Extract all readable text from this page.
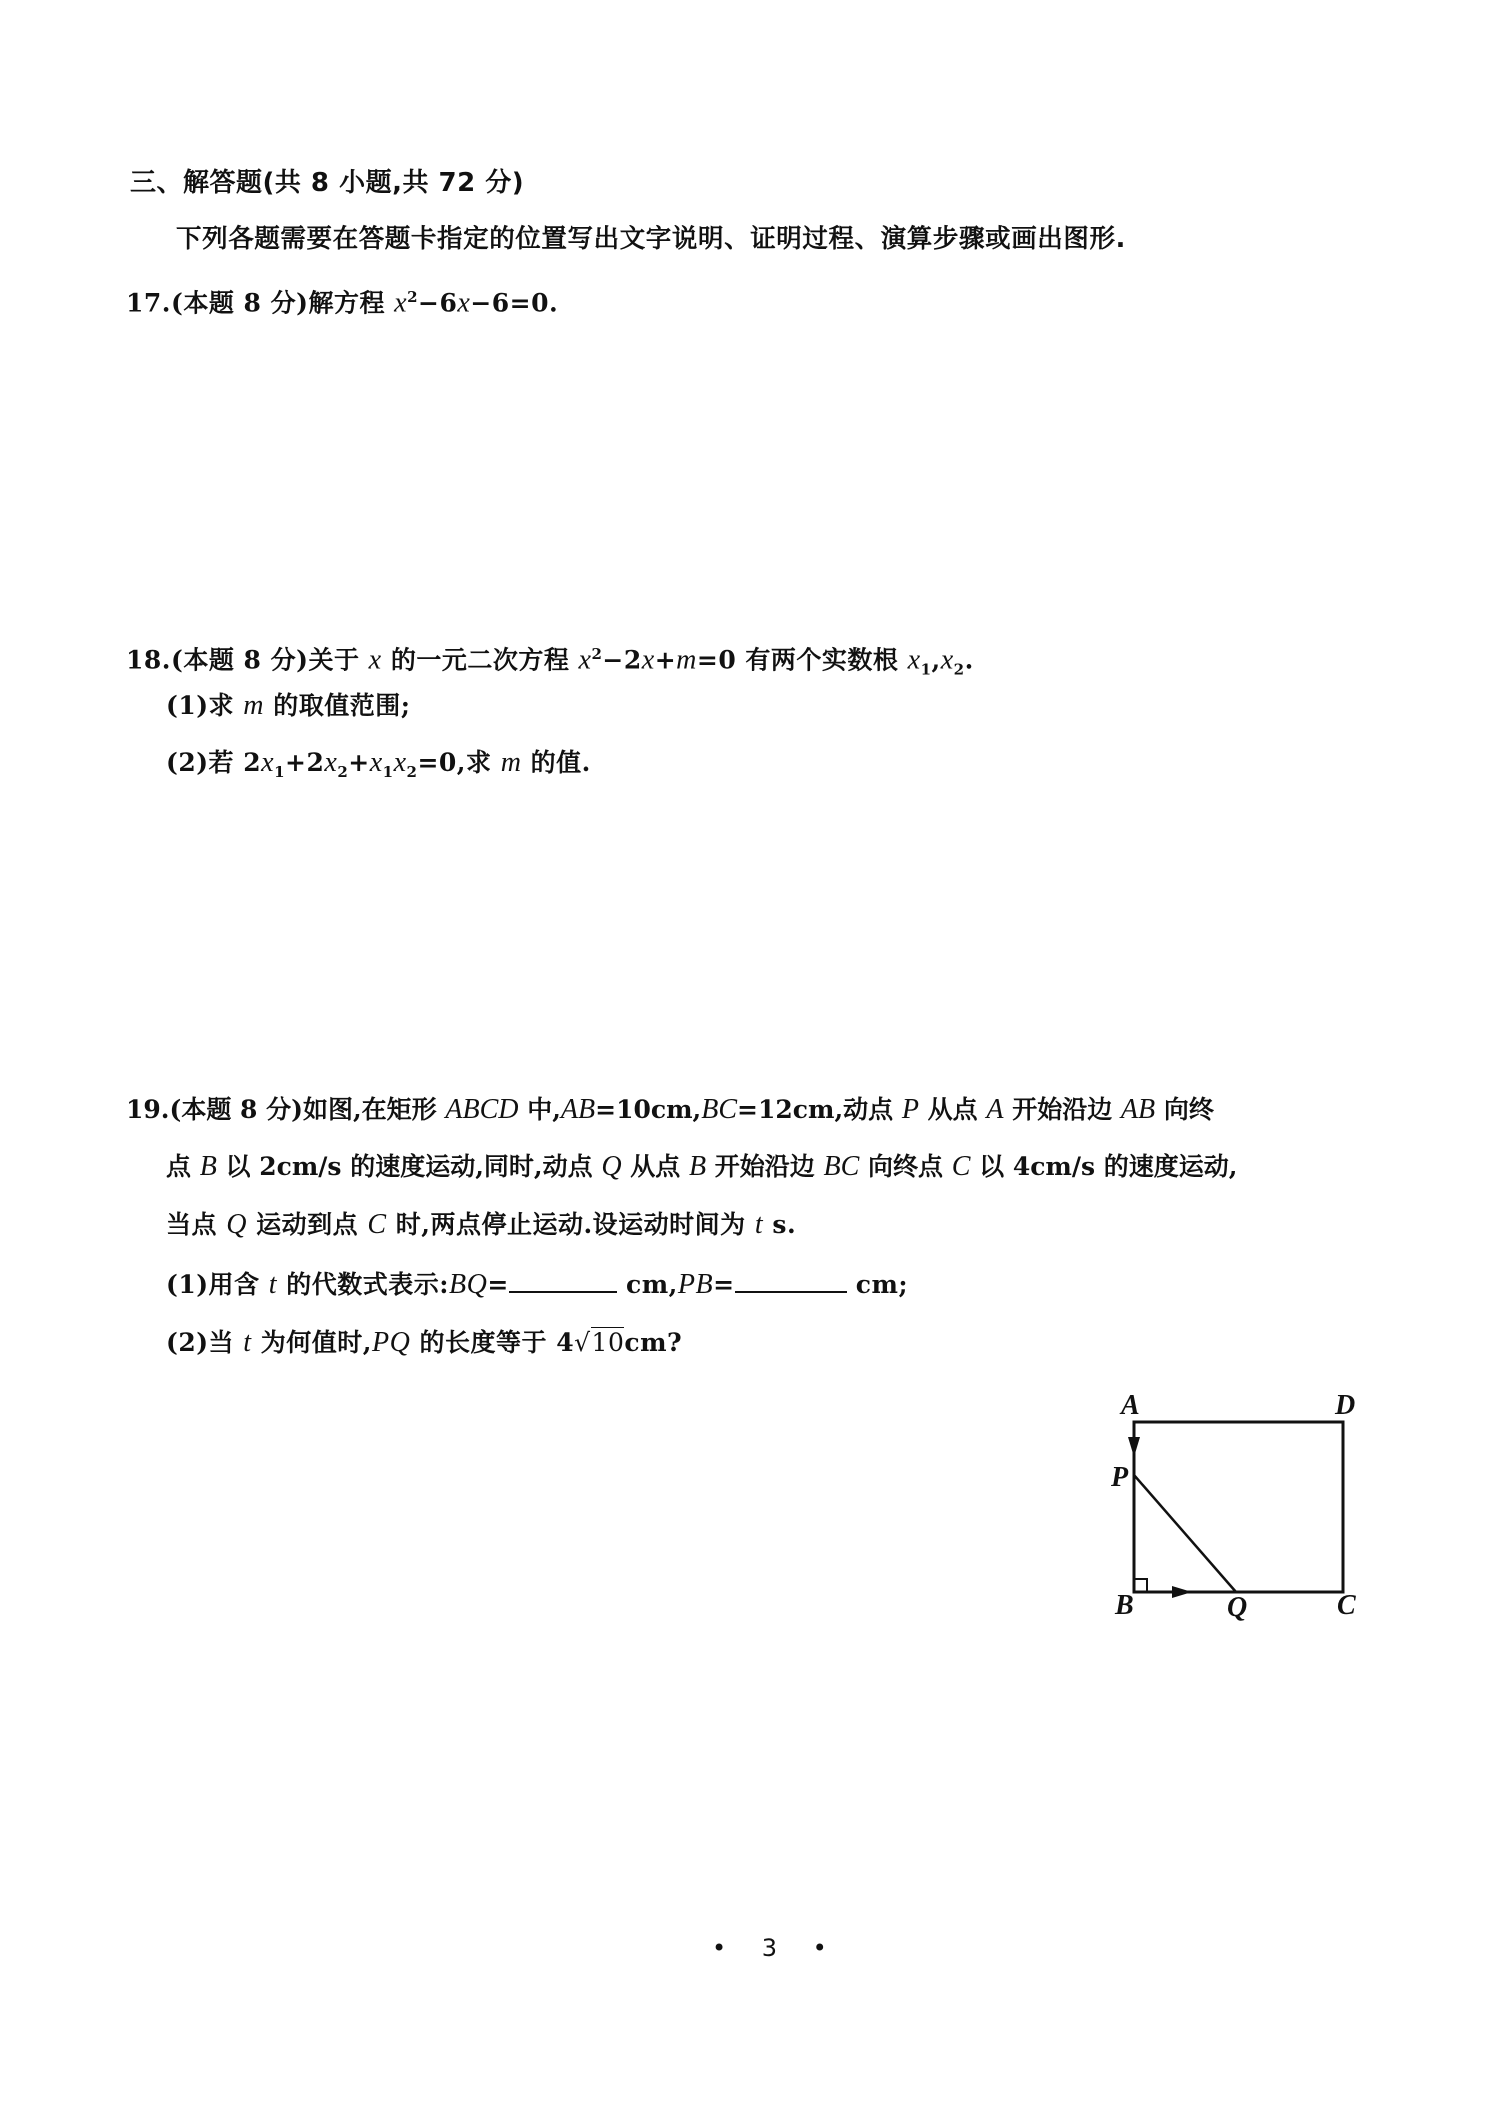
三、解答题(共 8 小题,共 72 分)
下列各题需要在答题卡指定的位置写出文字说明、证明过程、演算步骤或画出图形.
17.(本题 8 分)解方程 $x^2-6x-6=0$.
18.(本题 8 分)关于 x 的一元二次方程 $x^2-2x+m=0$ 有两个实数根 $x_1,x_2$.
(1)求 m 的取值范围;
(2)若 $2x_1+2x_2+x_1x_2=0$,求 m 的值.
19.(本题 8 分)如图,在矩形 ABCD 中,AB=10cm,BC=12cm,动点 P 从点 A 开始沿边 AB 向终
点 B 以 2cm/s 的速度运动,同时,动点 Q 从点 B 开始沿边 BC 向终点 C 以 4cm/s 的速度运动,
当点 Q 运动到点 C 时,两点停止运动.设运动时间为 t s.
(1)用含 t 的代数式表示:BQ=	cm,PB=	cm;
(2)当 t 为何值时,PQ 的长度等于 4√10cm?
A	D
P
B	Q	C
• 3 •
